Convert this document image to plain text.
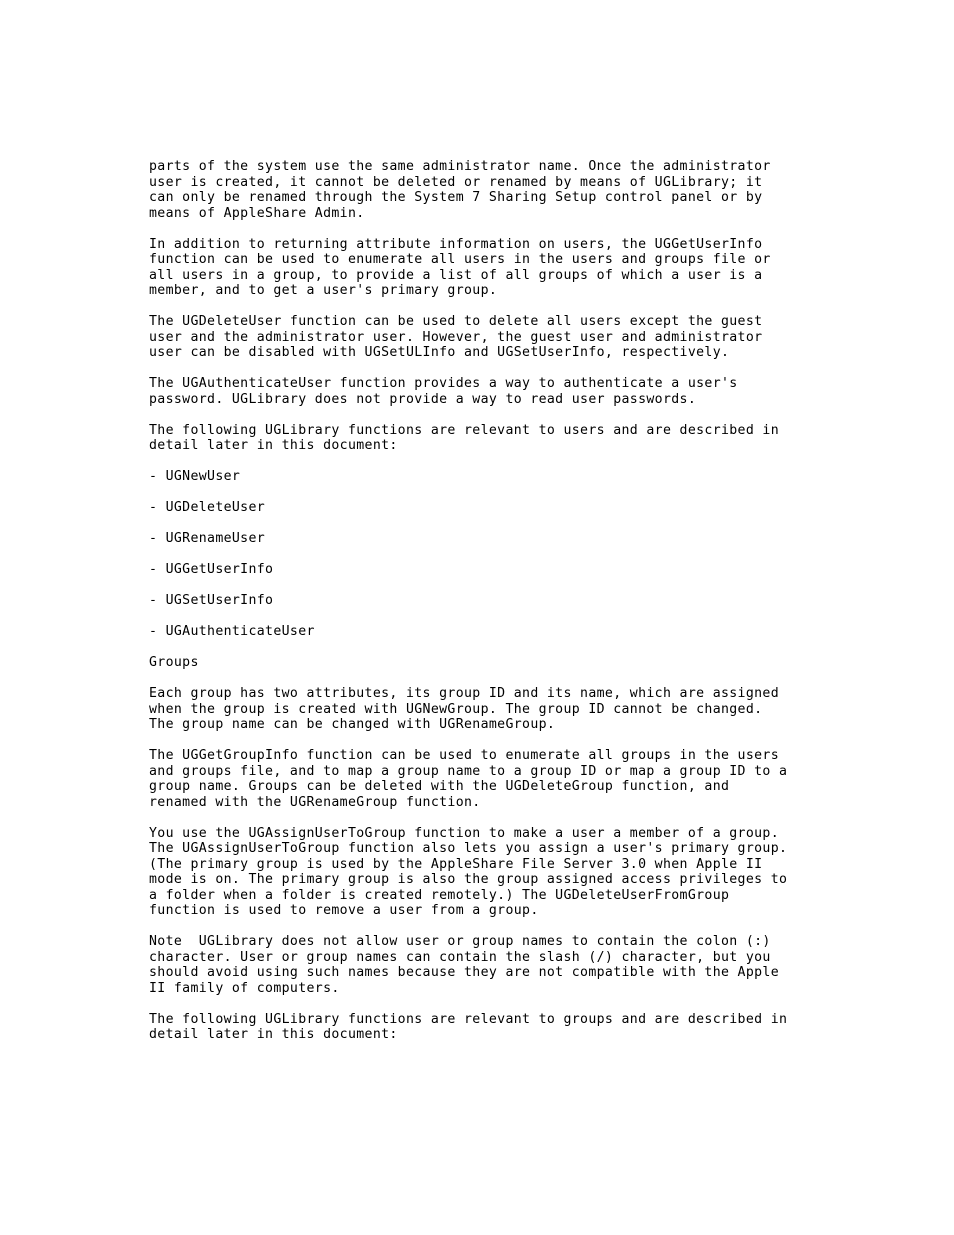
parts of the system use the same administrator name. Once the administrator
user is created, it cannot be deleted or renamed by means of UGLibrary; it
can only be renamed through the System 7 Sharing Setup control panel or by
means of AppleShare Admin.

In addition to returning attribute information on users, the UGGetUserInfo
function can be used to enumerate all users in the users and groups file or
all users in a group, to provide a list of all groups of which a user is a
member, and to get a user's primary group.

The UGDeleteUser function can be used to delete all users except the guest
user and the administrator user. However, the guest user and administrator
user can be disabled with UGSetULInfo and UGSetUserInfo, respectively.

The UGAuthenticateUser function provides a way to authenticate a user's
password. UGLibrary does not provide a way to read user passwords.

The following UGLibrary functions are relevant to users and are described in
detail later in this document:

- UGNewUser

- UGDeleteUser

- UGRenameUser

- UGGetUserInfo

- UGSetUserInfo

- UGAuthenticateUser

Groups

Each group has two attributes, its group ID and its name, which are assigned
when the group is created with UGNewGroup. The group ID cannot be changed.
The group name can be changed with UGRenameGroup.

The UGGetGroupInfo function can be used to enumerate all groups in the users
and groups file, and to map a group name to a group ID or map a group ID to a
group name. Groups can be deleted with the UGDeleteGroup function, and
renamed with the UGRenameGroup function.

You use the UGAssignUserToGroup function to make a user a member of a group.
The UGAssignUserToGroup function also lets you assign a user's primary group.
(The primary group is used by the AppleShare File Server 3.0 when Apple II
mode is on. The primary group is also the group assigned access privileges to
a folder when a folder is created remotely.) The UGDeleteUserFromGroup
function is used to remove a user from a group.

Note  UGLibrary does not allow user or group names to contain the colon (:)
character. User or group names can contain the slash (/) character, but you
should avoid using such names because they are not compatible with the Apple
II family of computers.

The following UGLibrary functions are relevant to groups and are described in
detail later in this document:
